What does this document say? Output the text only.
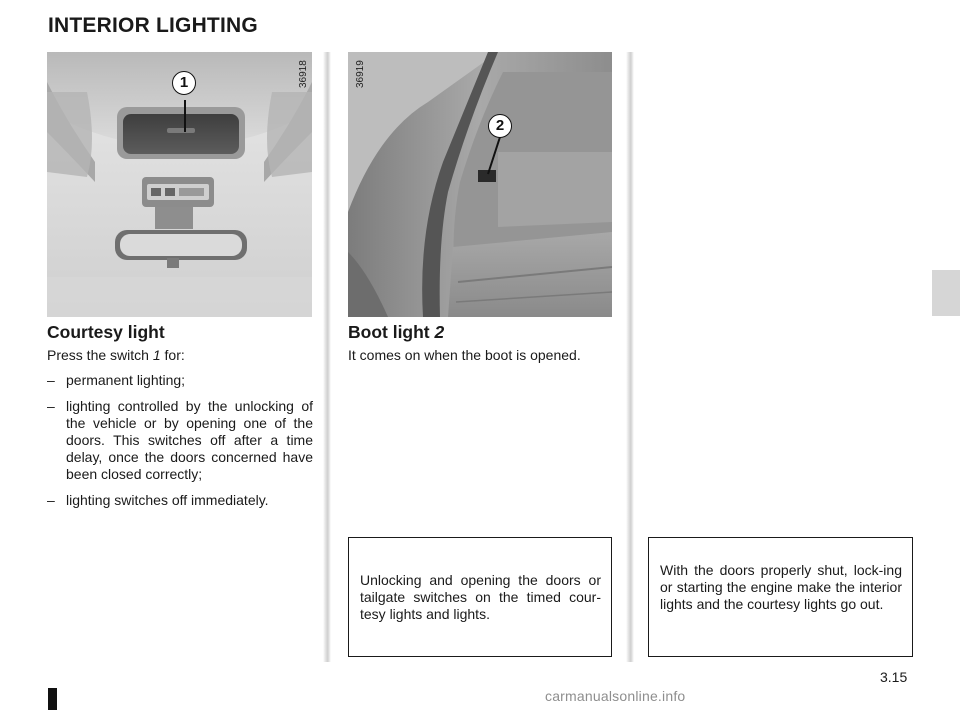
INTERIOR LIGHTING
1	36918
2
36919
Courtesy light

Press the switch 1 for:

– permanent lighting;
– lighting controlled by the unlocking of the vehicle or by opening one of the doors. This switches off after a time delay, once the doors concerned have been closed correctly;
– lighting switches off immediately.
Boot light 2

It comes on when the boot is opened.

Unlocking and opening the doors or tailgate switches on the timed cour-tesy lights and lights.
With the doors properly shut, lock-ing or starting the engine make the interior lights and the courtesy lights go out.
3.15
carmanualsonline.info
